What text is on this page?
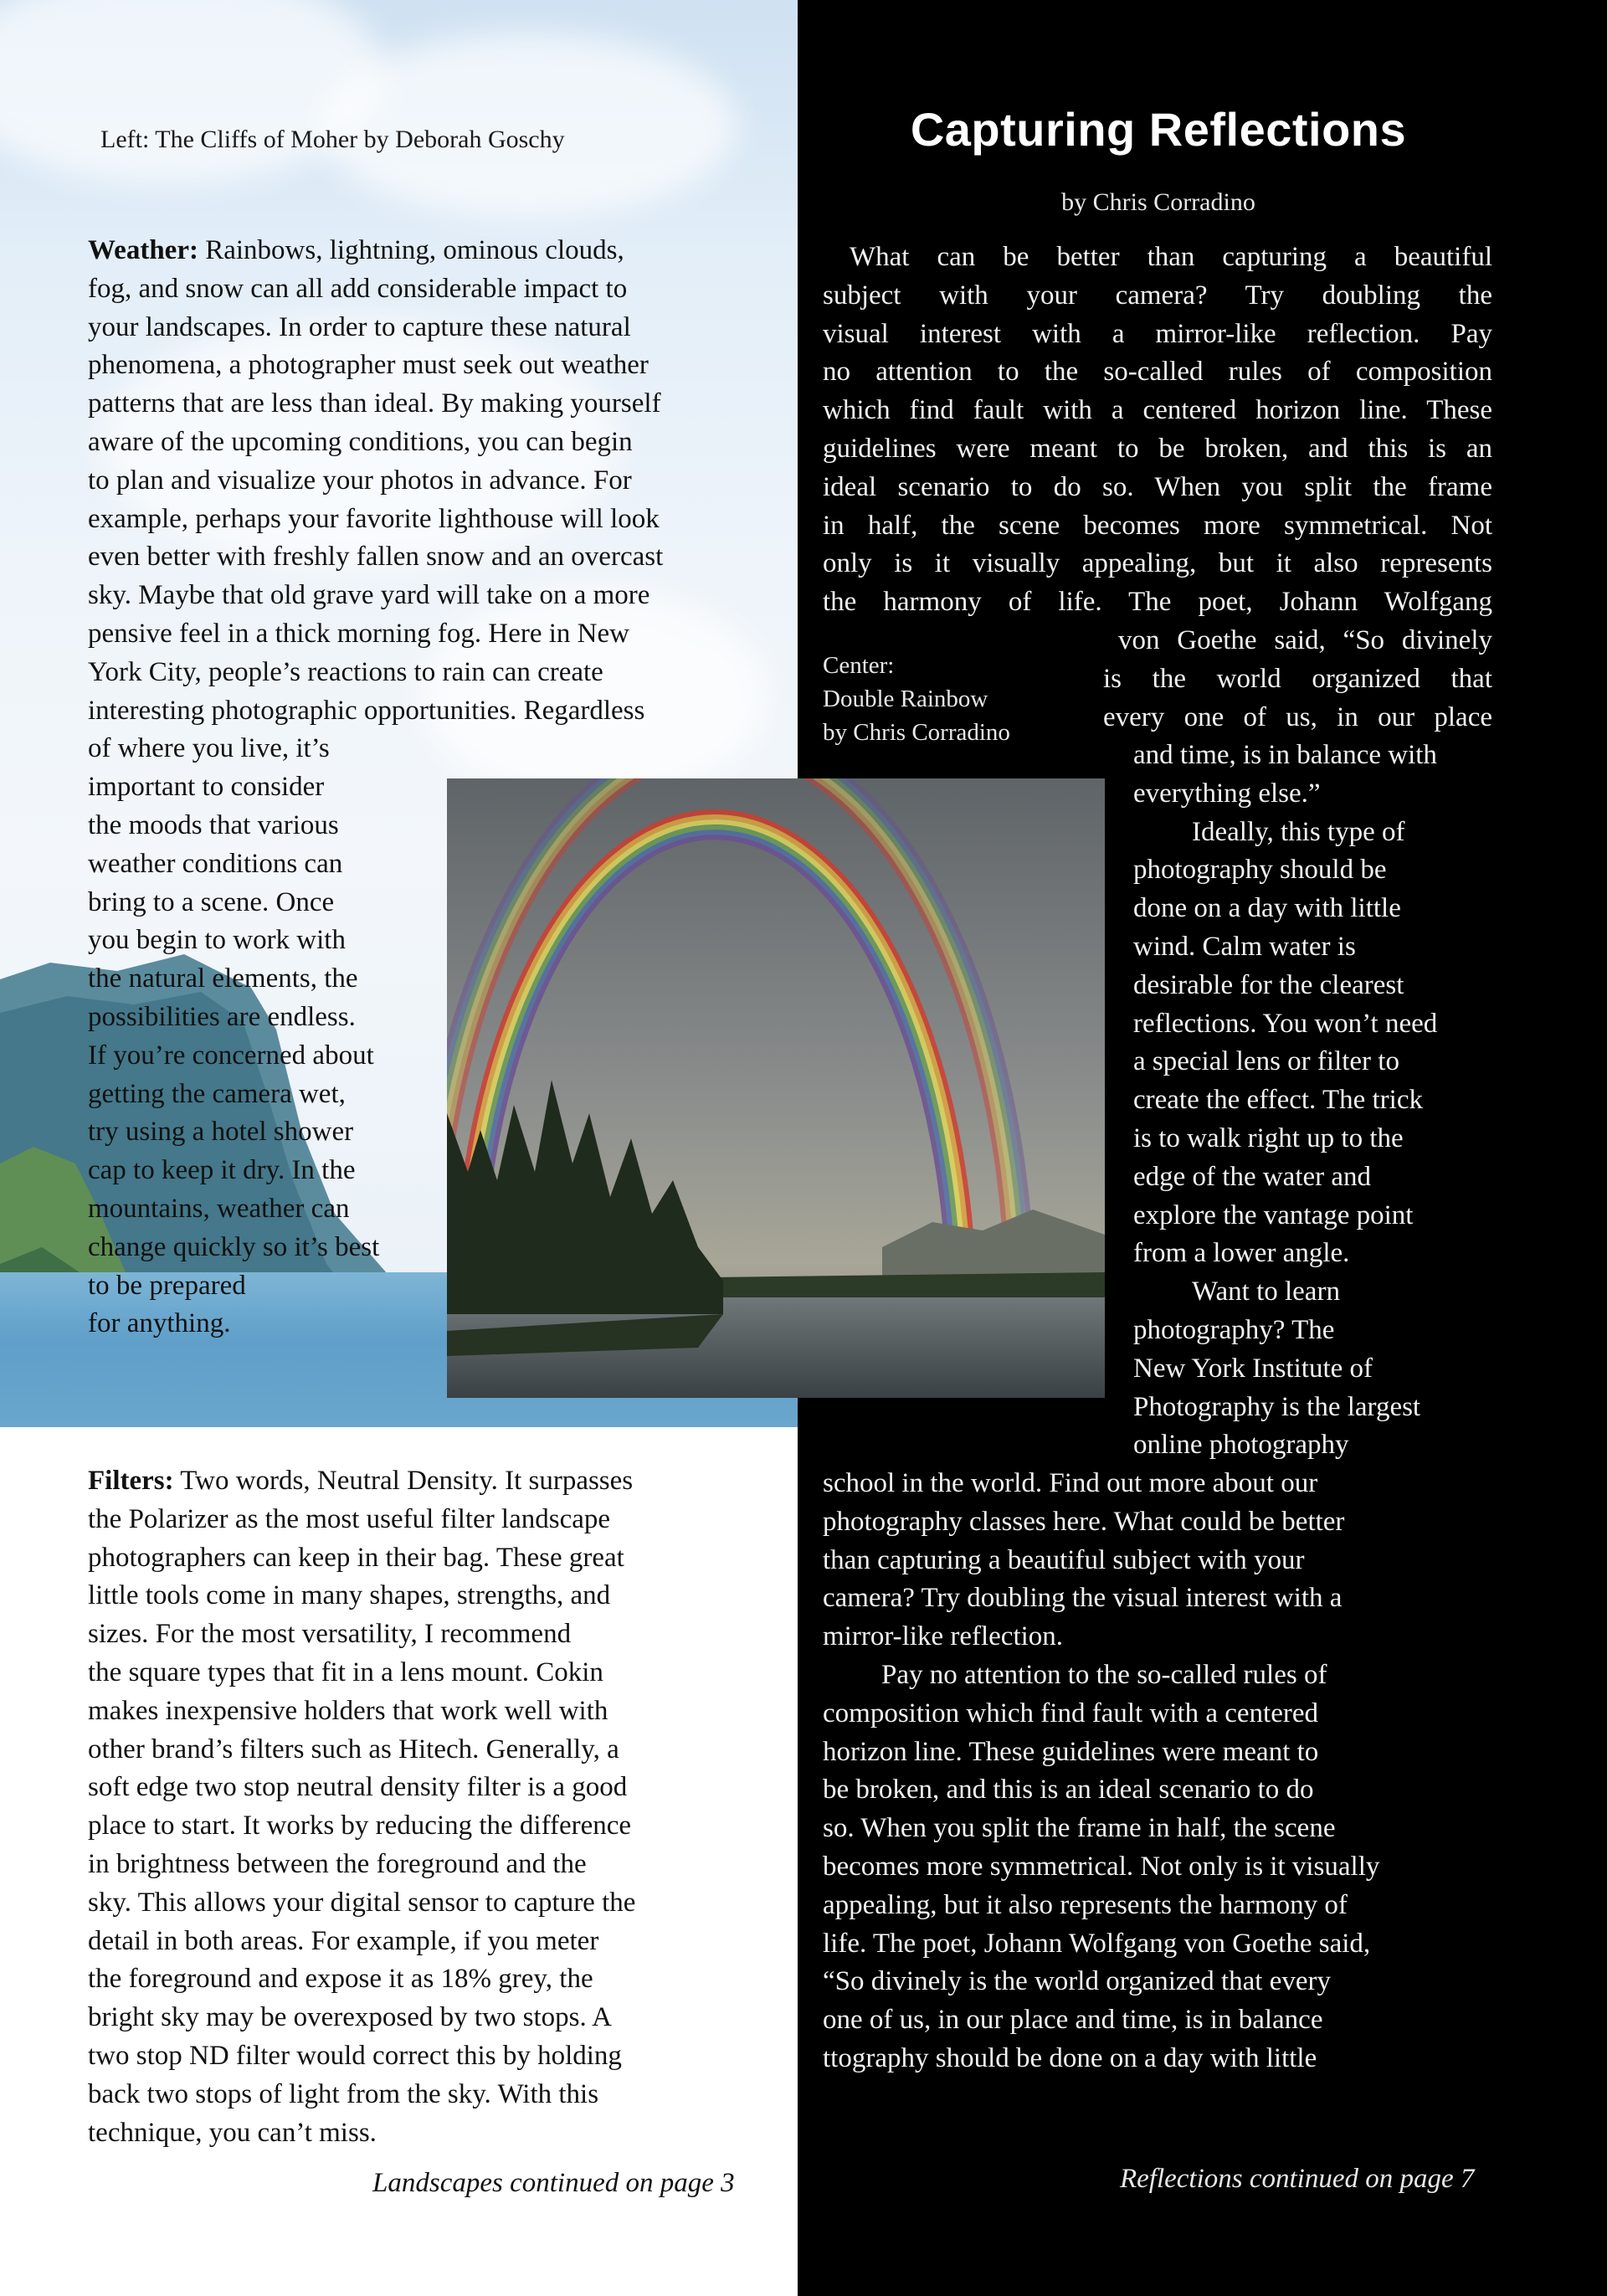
Left: The Cliffs of Moher by Deborah Goschy

Weather: Rainbows, lightning, ominous clouds,

fog, and snow can all add considerable impact to

your landscapes. In order to capture these natural

phenomena, a photographer must seek out weather

patterns that are less than ideal. By making yourself

aware of the upcoming conditions, you can begin

to plan and visualize your photos in advance. For

example, perhaps your favorite lighthouse will look

even better with freshly fallen snow and an overcast

sky. Maybe that old grave yard will take on a more

pensive feel in a thick morning fog. Here in New

York City, people’s reactions to rain can create

interesting photographic opportunities. Regardless

of where you live, it’s

important to consider

the moods that various

weather conditions can

bring to a scene. Once

you begin to work with

the natural elements, the

possibilities are endless.

If you’re concerned about

getting the camera wet,

try using a hotel shower

cap to keep it dry. In the

mountains, weather can

change quickly so it’s best

to be prepared

for anything.

Filters: Two words, Neutral Density. It surpasses

the Polarizer as the most useful filter landscape

photographers can keep in their bag. These great

little tools come in many shapes, strengths, and

sizes. For the most versatility, I recommend

the square types that fit in a lens mount. Cokin

makes inexpensive holders that work well with

other brand’s filters such as Hitech. Generally, a

soft edge two stop neutral density filter is a good

place to start. It works by reducing the difference

in brightness between the foreground and the

sky. This allows your digital sensor to capture the

detail in both areas. For example, if you meter

the foreground and expose it as 18% grey, the

bright sky may be overexposed by two stops. A

two stop ND filter would correct this by holding

back two stops of light from the sky. With this

technique, you can’t miss.

Landscapes continued on page 3
Capturing Reflections
by Chris Corradino

What can be better than capturing a beautiful

subject with your camera? Try doubling the

visual interest with a mirror-like reflection. Pay

no attention to the so-called rules of composition

which find fault with a centered horizon line. These

guidelines were meant to be broken, and this is an

ideal scenario to do so. When you split the frame

in half, the scene becomes more symmetrical. Not

only is it visually appealing, but it also represents

the harmony of life. The poet, Johann Wolfgang

Center:
Double Rainbow
by Chris Corradino

von Goethe said, “So divinely

is the world organized that

every one of us, in our place

and time, is in balance with

everything else.”

Ideally, this type of

photography should be

done on a day with little

wind. Calm water is

desirable for the clearest

reflections. You won’t need

a special lens or filter to

create the effect. The trick

is to walk right up to the

edge of the water and

explore the vantage point

from a lower angle.

Want to learn

photography? The

New York Institute of

Photography is the largest

online photography

school in the world. Find out more about our

photography classes here. What could be better

than capturing a beautiful subject with your

camera? Try doubling the visual interest with a

mirror-like reflection.

Pay no attention to the so-called rules of

composition which find fault with a centered

horizon line. These guidelines were meant to

be broken, and this is an ideal scenario to do

so. When you split the frame in half, the scene

becomes more symmetrical. Not only is it visually

appealing, but it also represents the harmony of

life. The poet, Johann Wolfgang von Goethe said,

“So divinely is the world organized that every

one of us, in our place and time, is in balance

ttography should be done on a day with little

Reflections continued on page 7
